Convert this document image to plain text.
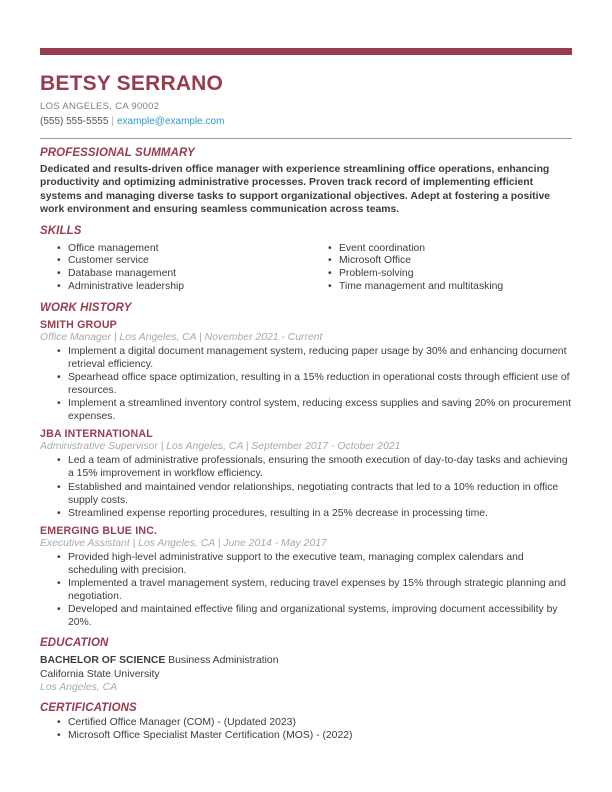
BETSY SERRANO
LOS ANGELES, CA 90002
(555) 555-5555 | example@example.com
PROFESSIONAL SUMMARY

Dedicated and results-driven office manager with experience streamlining office operations, enhancing productivity and optimizing administrative processes. Proven track record of implementing efficient systems and managing diverse tasks to support organizational objectives. Adept at fostering a positive work environment and ensuring seamless communication across teams.

SKILLS
• Office management
• Customer service
• Database management
• Administrative leadership
• Event coordination
• Microsoft Office
• Problem-solving
• Time management and multitasking
WORK HISTORY
SMITH GROUP
Office Manager | Los Angeles, CA | November 2021 - Current
• Implement a digital document management system, reducing paper usage by 30% and enhancing document retrieval efficiency.
• Spearhead office space optimization, resulting in a 15% reduction in operational costs through efficient use of resources.
• Implement a streamlined inventory control system, reducing excess supplies and saving 20% on procurement expenses.
JBA INTERNATIONAL
Administrative Supervisor | Los Angeles, CA | September 2017 - October 2021
• Led a team of administrative professionals, ensuring the smooth execution of day-to-day tasks and achieving a 15% improvement in workflow efficiency.
• Established and maintained vendor relationships, negotiating contracts that led to a 10% reduction in office supply costs.
• Streamlined expense reporting procedures, resulting in a 25% decrease in processing time.
EMERGING BLUE INC.
Executive Assistant | Los Angeles, CA | June 2014 - May 2017
• Provided high-level administrative support to the executive team, managing complex calendars and scheduling with precision.
• Implemented a travel management system, reducing travel expenses by 15% through strategic planning and negotiation.
• Developed and maintained effective filing and organizational systems, improving document accessibility by 20%.
EDUCATION
BACHELOR OF SCIENCE Business Administration
California State University
Los Angeles, CA
CERTIFICATIONS
• Certified Office Manager (COM) - (Updated 2023)
• Microsoft Office Specialist Master Certification (MOS) - (2022)
